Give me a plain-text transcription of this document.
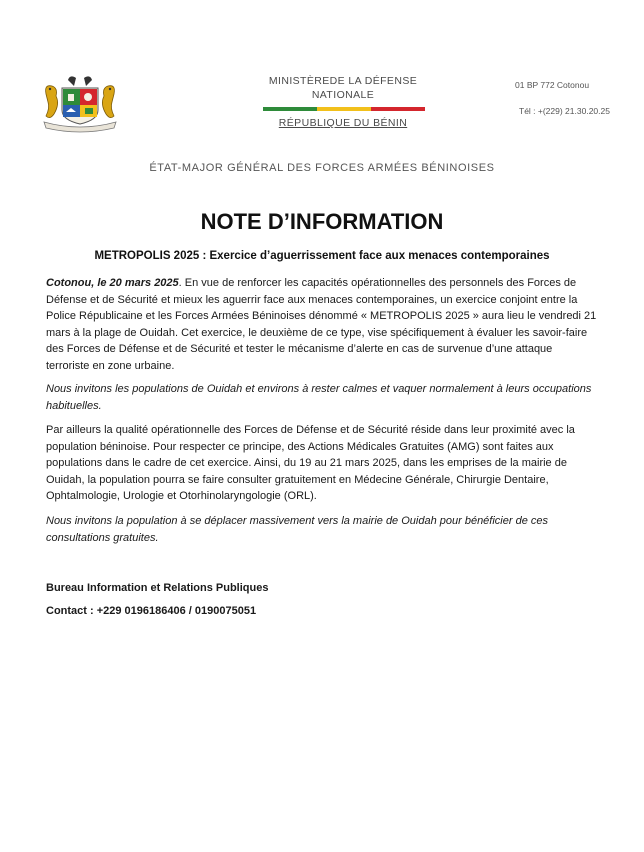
MINISTÈREDE LA DÉFENSE
NATIONALE
RÉPUBLIQUE DU BÉNIN
01 BP 772 Cotonou
Tél : +(229) 21.30.20.25
ÉTAT-MAJOR GÉNÉRAL DES FORCES ARMÉES BÉNINOISES
NOTE D’INFORMATION
METROPOLIS 2025 : Exercice d’aguerrissement face aux menaces contemporaines

Cotonou, le 20 mars 2025. En vue de renforcer les capacités opérationnelles des personnels des Forces de Défense et de Sécurité et mieux les aguerrir face aux menaces contemporaines, un exercice conjoint entre la Police Républicaine et les Forces Armées Béninoises dénommé « METROPOLIS 2025 » aura lieu le vendredi 21 mars à la plage de Ouidah. Cet exercice, le deuxième de ce type, vise spécifiquement à évaluer les savoir-faire des Forces de Défense et de Sécurité et tester le mécanisme d’alerte en cas de survenue d’une attaque terroriste en zone urbaine.

Nous invitons les populations de Ouidah et environs à rester calmes et vaquer normalement à leurs occupations habituelles.

Par ailleurs la qualité opérationnelle des Forces de Défense et de Sécurité réside dans leur proximité avec la population béninoise. Pour respecter ce principe, des Actions Médicales Gratuites (AMG) sont faites aux populations dans le cadre de cet exercice. Ainsi, du 19 au 21 mars 2025, dans les emprises de la mairie de Ouidah, la population pourra se faire consulter gratuitement en Médecine Générale, Chirurgie Dentaire, Ophtalmologie, Urologie et Otorhinolaryngologie (ORL).

Nous invitons la population à se déplacer massivement vers la mairie de Ouidah pour bénéficier de ces consultations gratuites.

Bureau Information et Relations Publiques
Contact : +229 0196186406 / 0190075051
